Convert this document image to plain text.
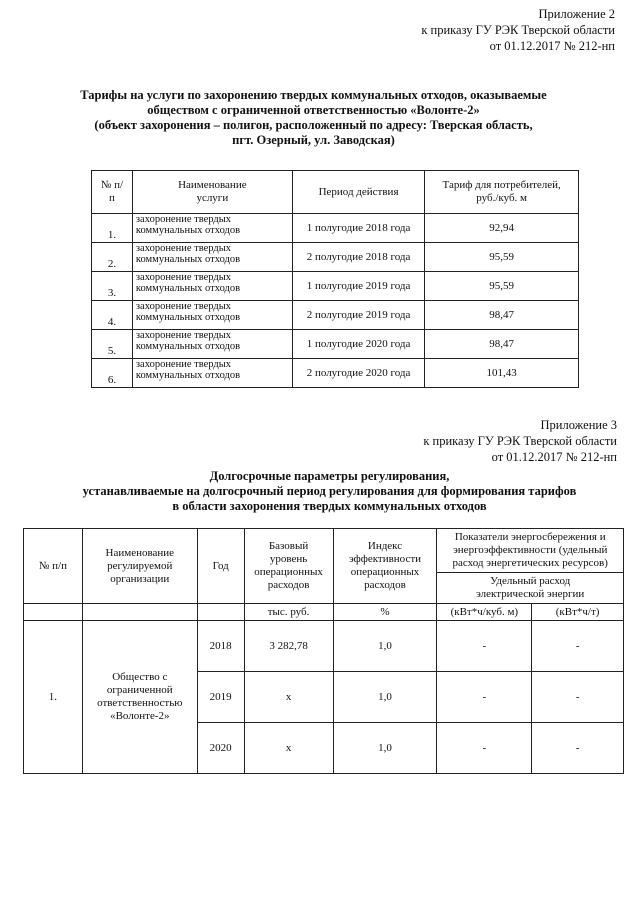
Приложение 2
к приказу ГУ РЭК Тверской области
от 01.12.2017 № 212-нп
Тарифы на услуги по захоронению твердых коммунальных отходов, оказываемые
обществом с ограниченной ответственностью «Волонте-2»
(объект захоронения – полигон, расположенный по адресу: Тверская область,
пгт. Озерный, ул. Заводская)
№ п/п	Наименование услуги	Период действия	Тариф для потребителей, руб./куб. м
1.	захоронение твердых коммунальных отходов	1 полугодие 2018 года	92,94
2.	захоронение твердых коммунальных отходов	2 полугодие 2018 года	95,59
3.	захоронение твердых коммунальных отходов	1 полугодие 2019 года	95,59
4.	захоронение твердых коммунальных отходов	2 полугодие 2019 года	98,47
5.	захоронение твердых коммунальных отходов	1 полугодие 2020 года	98,47
6.	захоронение твердых коммунальных отходов	2 полугодие 2020 года	101,43
Приложение 3
к приказу ГУ РЭК Тверской области
от 01.12.2017 № 212-нп
Долгосрочные параметры регулирования,
устанавливаемые на долгосрочный период регулирования для формирования тарифов
в области захоронения твердых коммунальных отходов
№ п/п	Наименование регулируемой организации	Год	Базовый уровень операционных расходов	Индекс эффективности операционных расходов	Показатели энергосбережения и энергоэффективности (удельный расход энергетических ресурсов)	
					Удельный расход электрической энергии	
			тыс. руб.	%	(кВт*ч/куб. м)	(кВт*ч/т)
1.	Общество с ограниченной ответственностью «Волонте-2»	2018	3 282,78	1,0	-	-
		2019	x	1,0	-	-
		2020	x	1,0	-	-
